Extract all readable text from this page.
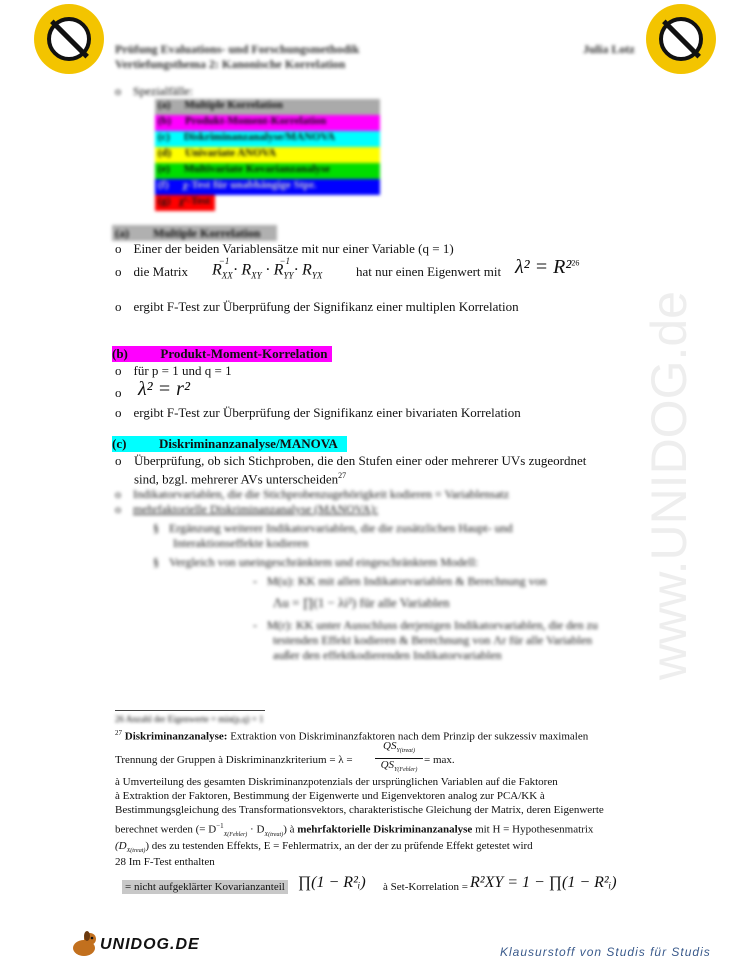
www.UNIDOG.de
Prüfung Evaluations- und Forschungsmethodik
Vertiefungsthema 2: Kanonische Korrelation
Julia Lotz
o Spezialfälle:
(a) Multiple Korrelation
(b) Produkt-Moment-Korrelation
(c) Diskriminanzanalyse/MANOVA
(d) Univariate ANOVA
(e) Multivariate Kovarianzanalyse
(f) χ-Test für unabhängige Stpr.
(g) χ²-Test
(a) Multiple Korrelation
o Einer der beiden Variablensätze mit nur einer Variable (q = 1)
o die Matrix $R_{XX}^{-1} \cdot R_{XY} \cdot R_{YY}^{-1} \cdot R_{YX}$	hat nur einen Eigenwert mit λ² = R²$^{26}$
o ergibt F-Test zur Überprüfung der Signifikanz einer multiplen Korrelation
(b)	Produkt-Moment-Korrelation
o für p = 1 und q = 1
o λ² = r²
o ergibt F-Test zur Überprüfung der Signifikanz einer bivariaten Korrelation
(c)	Diskriminanzanalyse/MANOVA
o Überprüfung, ob sich Stichproben, die den Stufen einer oder mehrerer UVs zugeordnet
sind, bzgl. mehrerer AVs unterscheiden$^{27}$
o Indikatorvariablen, die die Stichprobenzugehörigkeit kodieren = Variablensatz
o mehrfaktorielle Diskriminanzanalyse (MANOVA):
§ Ergänzung weiterer Indikatorvariablen, die die zusätzlichen Haupt- und
Interaktionseffekte kodieren
§ Vergleich von uneingeschränktem und eingeschränktem Modell:
- M(u): KK mit allen Indikatorvariablen & Berechnung von
Λu = ∏(1 − λi²) für alle Variablen
- M(r): KK unter Ausschluss derjenigen Indikatorvariablen, die den zu
testenden Effekt kodieren & Berechnung von Λr für alle Variablen
außer den effektkodierenden Indikatorvariablen
26 Anzahl der Eigenwerte = min(p,q) = 1
$^{27}$ Diskriminanzanalyse: Extraktion von Diskriminanzfaktoren nach dem Prinzip der sukzessiv maximalen
Trennung der Gruppen à Diskriminanzkriterium = λ =
$QS_{Y(treat)}$
$QS_{Y(Fehler)}$
= max.
à Umverteilung des gesamten Diskriminanzpotenzials der ursprünglichen Variablen auf die Faktoren
à Extraktion der Faktoren, Bestimmung der Eigenwerte und Eigenvektoren analog zur PCA/KK à
Bestimmungsgleichung des Transformationsvektors, charakteristische Gleichung der Matrix, deren Eigenwerte
berechnet werden (= $D^{-1}_{X(Fehler)} \cdot D_{X(treat)}$) à mehrfaktorielle Diskriminanzanalyse mit H = Hypothesenmatrix
$(D_{X(treat)})$ des zu testenden Effekts, E = Fehlermatrix, an der der zu prüfende Effekt getestet wird
28 Im F-Test enthalten
= nicht aufgeklärter Kovarianzanteil ∏(1 − R²ᵢ) à Set-Korrelation = R²XY = 1 − ∏(1 − R²ᵢ)
UNIDOG.DE	Klausurstoff von Studis für Studis
